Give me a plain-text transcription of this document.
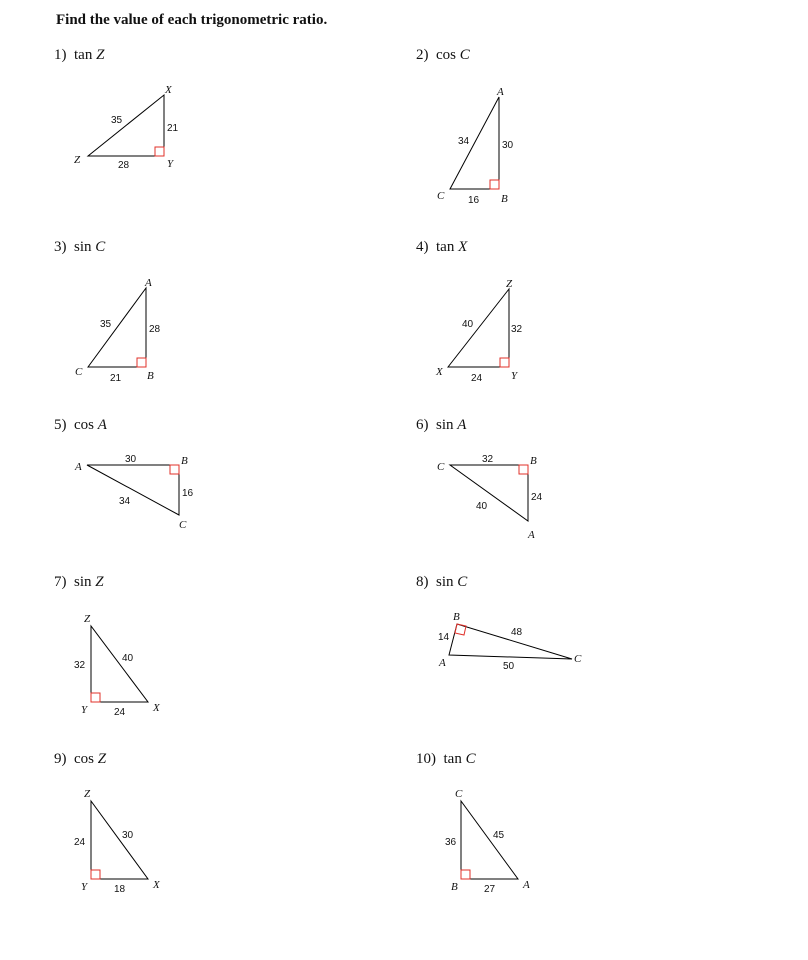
Find the value of each trigonometric ratio.
1) tan Z	2) cos C
3) sin C	4) tan X
5) cos A	6) sin A
7) sin Z	8) sin C
9) cos Z	10) tan C
X
Z	Y
35
21
28
A
C	B
34	30
16
A
C	B
35	28
21
Z
X	Y
40	32
24
A	B
C
30
16
34
C	B
A
32
24
40
Z
Y	X
32
40
24
B
A	C
14	48
50
Z
Y	X
24
30
18
C
B	A
36
45
27
